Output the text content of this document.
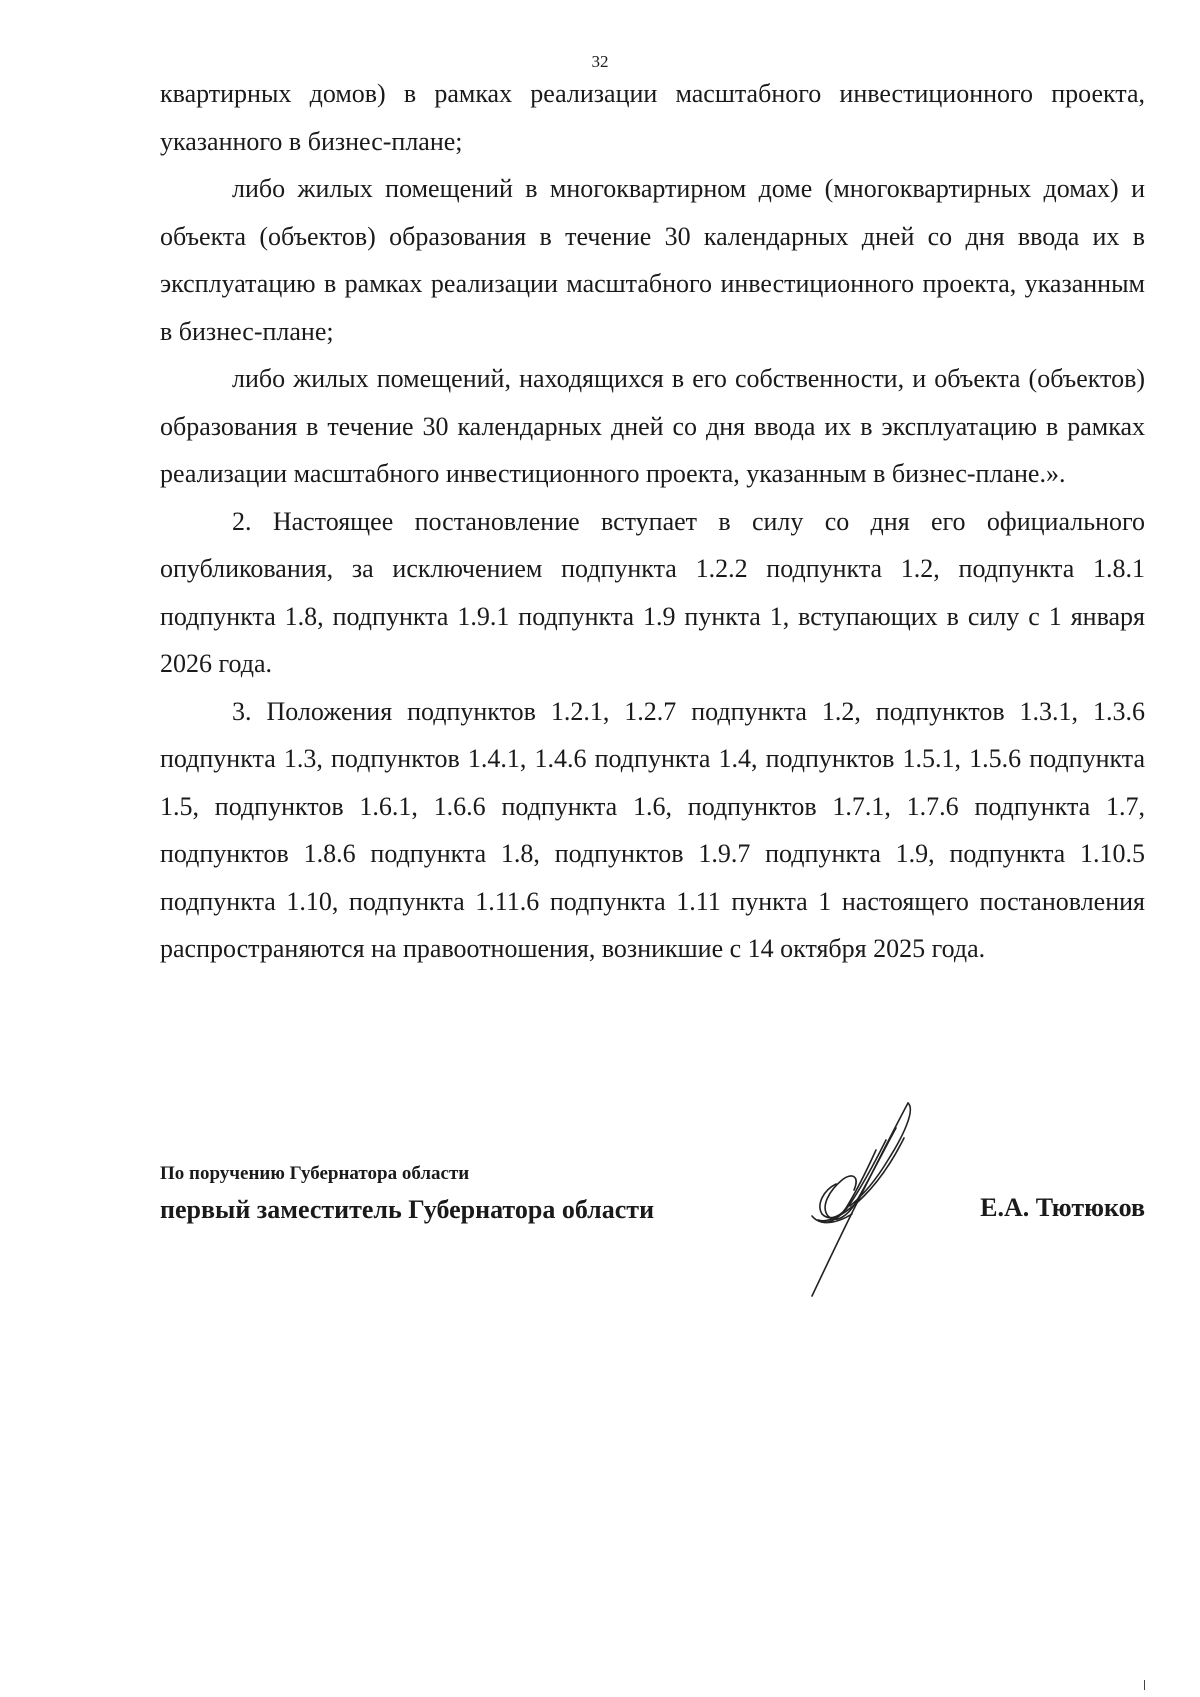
32

квартирных домов) в рамках реализации масштабного инвестиционного проекта, указанного в бизнес-плане;

либо жилых помещений в многоквартирном доме (многоквартирных домах) и объекта (объектов) образования в течение 30 календарных дней со дня ввода их в эксплуатацию в рамках реализации масштабного инвестиционного проекта, указанным в бизнес-плане;

либо жилых помещений, находящихся в его собственности, и объекта (объектов) образования в течение 30 календарных дней со дня ввода их в эксплуатацию в рамках реализации масштабного инвестиционного проекта, указанным в бизнес-плане.».

2. Настоящее постановление вступает в силу со дня его официального опубликования, за исключением подпункта 1.2.2 подпункта 1.2, подпункта 1.8.1 подпункта 1.8, подпункта 1.9.1 подпункта 1.9 пункта 1, вступающих в силу с 1 января 2026 года.

3. Положения подпунктов 1.2.1, 1.2.7 подпункта 1.2, подпунктов 1.3.1, 1.3.6 подпункта 1.3, подпунктов 1.4.1, 1.4.6 подпункта 1.4, подпунктов 1.5.1, 1.5.6 подпункта 1.5, подпунктов 1.6.1, 1.6.6 подпункта 1.6, подпунктов 1.7.1, 1.7.6 подпункта 1.7, подпунктов 1.8.6 подпункта 1.8, подпунктов 1.9.7 подпункта 1.9, подпункта 1.10.5 подпункта 1.10, подпункта 1.11.6 подпункта 1.11 пункта 1 настоящего постановления распространяются на правоотношения, возникшие с 14 октября 2025 года.

По поручению Губернатора области
первый заместитель Губернатора области	Е.А. Тютюков
